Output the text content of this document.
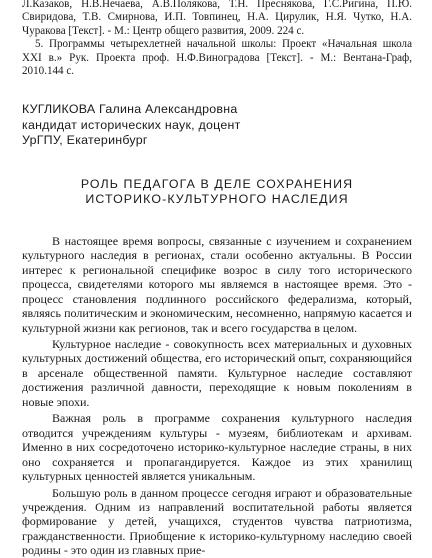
Л.Казаков, Н.В.Нечаева, А.В.Полякова, Т.Н. Преснякова, Г.С.Ригина, П.Ю. Свиридова, Т.В. Смирнова, И.П. Товпинец, Н.А. Цирулик, Н.Я. Чутко, Н.А. Чуракова [Текст]. - М.: Центр общего развития, 2009. 224 с.

5. Программы четырехлетней начальной школы: Проект «Начальная школа XXI в.» Рук. Проекта проф. Н.Ф.Виноградова [Текст]. - М.: Вентана-Граф, 2010.144 с.

КУГЛИКОВА Галина Александровна
кандидат исторических наук, доцент
УрГПУ, Екатеринбург
РОЛЬ ПЕДАГОГА В ДЕЛЕ СОХРАНЕНИЯ
ИСТОРИКО-КУЛЬТУРНОГО НАСЛЕДИЯ

В настоящее время вопросы, связанные с изучением и сохранением культурного наследия в регионах, стали особенно актуальны. В России интерес к региональной специфике возрос в силу того исторического процесса, свидетелями которого мы являемся в настоящее время. Это - процесс становления подлинного российского федерализма, который, являясь политическим и экономическим, несомненно, напрямую касается и культурной жизни как регионов, так и всего государства в целом.

Культурное наследие - совокупность всех материальных и духовных культурных достижений общества, его исторический опыт, сохраняющийся в арсенале общественной памяти. Культурное наследие составляют достижения различной давности, переходящие к новым поколениям в новые эпохи.

Важная роль в программе сохранения культурного наследия отводится учреждениям культуры - музеям, библиотекам и архивам. Именно в них сосредоточено историко-культурное наследие страны, в них оно сохраняется и пропагандируется. Каждое из этих хранилищ культурных ценностей является уникальным.

Большую роль в данном процессе сегодня играют и образовательные учреждения. Одним из направлений воспитательной работы является формирование у детей, учащихся, студентов чувства патриотизма, гражданственности. Приобщение к историко-культурному наследию своей родины - это один из главных прие-
